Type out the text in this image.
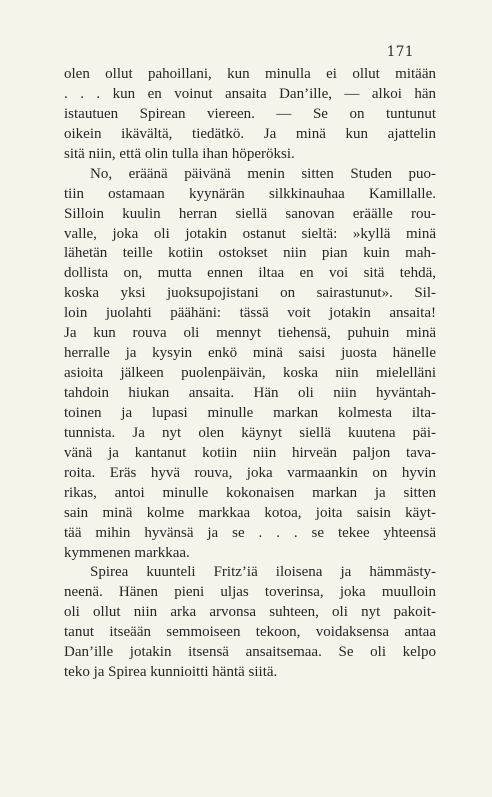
171
olen ollut pahoillani, kun minulla ei ollut mitään
. . . kun en voinut ansaita Dan’ille, — alkoi hän
istautuen Spirean viereen. — Se on tuntunut
oikein ikävältä, tiedätkö. Ja minä kun ajattelin
sitä niin, että olin tulla ihan höperöksi.
No, eräänä päivänä menin sitten Studen puo-
tiin ostamaan kyynärän silkkinauhaa Kamillalle.
Silloin kuulin herran siellä sanovan eräälle rou-
valle, joka oli jotakin ostanut sieltä: »kyllä minä
lähetän teille kotiin ostokset niin pian kuin mah-
dollista on, mutta ennen iltaa en voi sitä tehdä,
koska yksi juoksupojistani on sairastunut». Sil-
loin juolahti päähäni: tässä voit jotakin ansaita!
Ja kun rouva oli mennyt tiehensä, puhuin minä
herralle ja kysyin enkö minä saisi juosta hänelle
asioita jälkeen puolenpäivän, koska niin mielelläni
tahdoin hiukan ansaita. Hän oli niin hyväntah-
toinen ja lupasi minulle markan kolmesta ilta-
tunnista. Ja nyt olen käynyt siellä kuutena päi-
vänä ja kantanut kotiin niin hirveän paljon tava-
roita. Eräs hyvä rouva, joka varmaankin on hyvin
rikas, antoi minulle kokonaisen markan ja sitten
sain minä kolme markkaa kotoa, joita saisin käyt-
tää mihin hyvänsä ja se . . . se tekee yhteensä
kymmenen markkaa.
Spirea kuunteli Fritz’iä iloisena ja hämmästy-
neenä. Hänen pieni uljas toverinsa, joka muulloin
oli ollut niin arka arvonsa suhteen, oli nyt pakoit-
tanut itseään semmoiseen tekoon, voidaksensa antaa
Dan’ille jotakin itsensä ansaitsemaa. Se oli kelpo
teko ja Spirea kunnioitti häntä siitä.
